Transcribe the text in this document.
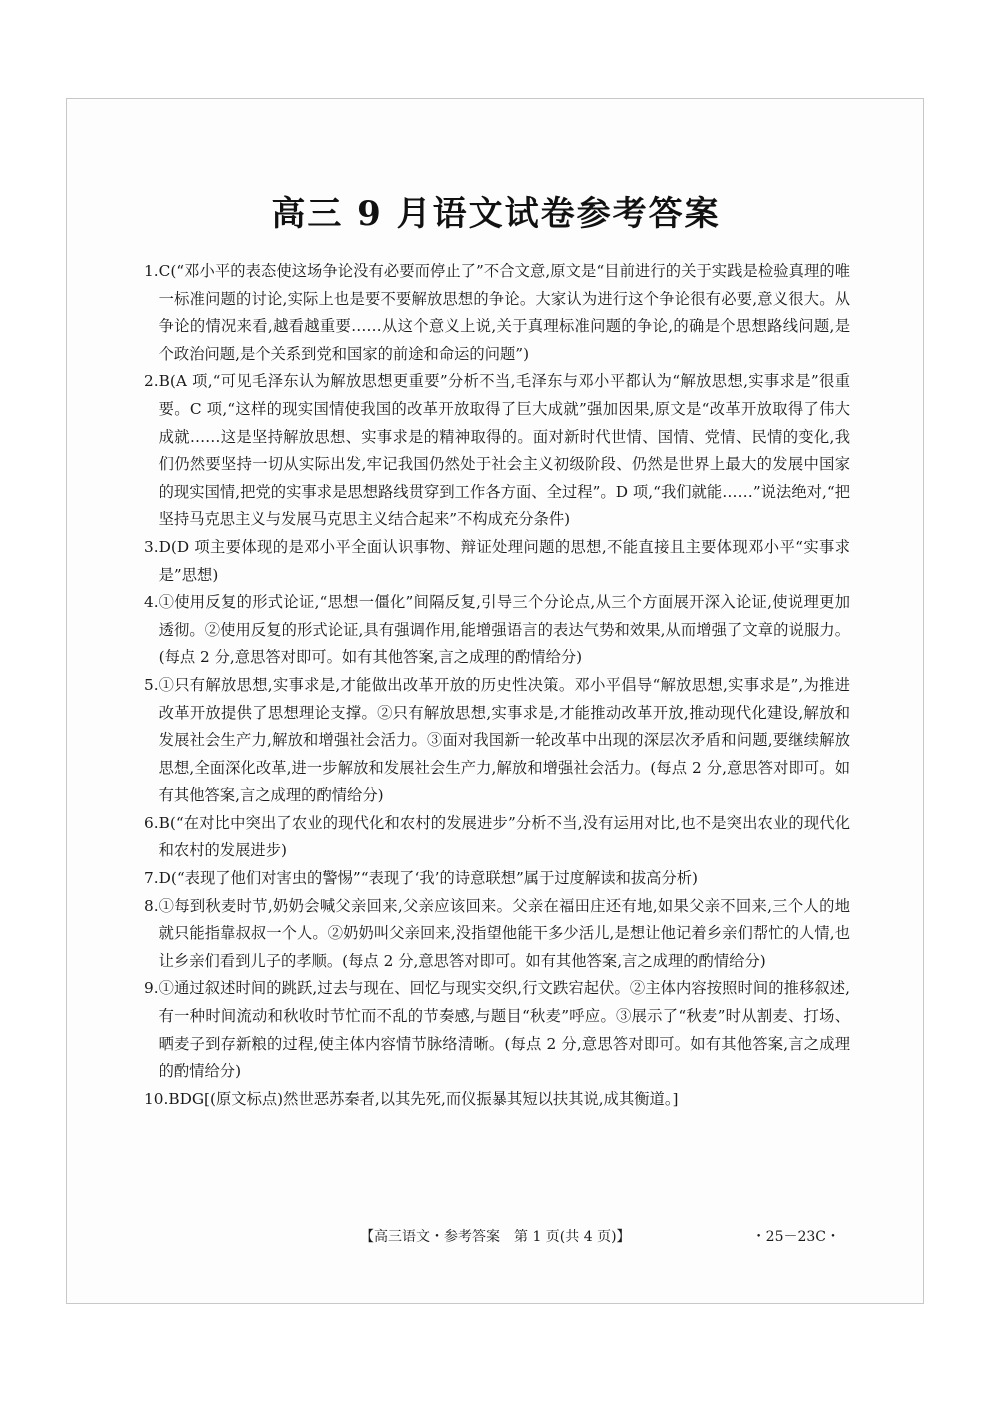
高三 9 月语文试卷参考答案
1. C(“邓小平的表态使这场争论没有必要而停止了”不合文意,原文是“目前进行的关于实践是检验真理的唯一标准问题的讨论,实际上也是要不要解放思想的争论。大家认为进行这个争论很有必要,意义很大。从争论的情况来看,越看越重要……从这个意义上说,关于真理标准问题的争论,的确是个思想路线问题,是个政治问题,是个关系到党和国家的前途和命运的问题”)
2. B(A 项,“可见毛泽东认为解放思想更重要”分析不当,毛泽东与邓小平都认为“解放思想,实事求是”很重要。C 项,“这样的现实国情使我国的改革开放取得了巨大成就”强加因果,原文是“改革开放取得了伟大成就……这是坚持解放思想、实事求是的精神取得的。面对新时代世情、国情、党情、民情的变化,我们仍然要坚持一切从实际出发,牢记我国仍然处于社会主义初级阶段、仍然是世界上最大的发展中国家的现实国情,把党的实事求是思想路线贯穿到工作各方面、全过程”。D 项,“我们就能……”说法绝对,“把坚持马克思主义与发展马克思主义结合起来”不构成充分条件)
3. D(D 项主要体现的是邓小平全面认识事物、辩证处理问题的思想,不能直接且主要体现邓小平“实事求是”思想)
4. ①使用反复的形式论证,“思想一僵化”间隔反复,引导三个分论点,从三个方面展开深入论证,使说理更加透彻。②使用反复的形式论证,具有强调作用,能增强语言的表达气势和效果,从而增强了文章的说服力。(每点 2 分,意思答对即可。如有其他答案,言之成理的酌情给分)
5. ①只有解放思想,实事求是,才能做出改革开放的历史性决策。邓小平倡导“解放思想,实事求是”,为推进改革开放提供了思想理论支撑。②只有解放思想,实事求是,才能推动改革开放,推动现代化建设,解放和发展社会生产力,解放和增强社会活力。③面对我国新一轮改革中出现的深层次矛盾和问题,要继续解放思想,全面深化改革,进一步解放和发展社会生产力,解放和增强社会活力。(每点 2 分,意思答对即可。如有其他答案,言之成理的酌情给分)
6. B(“在对比中突出了农业的现代化和农村的发展进步”分析不当,没有运用对比,也不是突出农业的现代化和农村的发展进步)
7. D(“表现了他们对害虫的警惕”“表现了‘我’的诗意联想”属于过度解读和拔高分析)
8. ①每到秋麦时节,奶奶会喊父亲回来,父亲应该回来。父亲在福田庄还有地,如果父亲不回来,三个人的地就只能指靠叔叔一个人。②奶奶叫父亲回来,没指望他能干多少活儿,是想让他记着乡亲们帮忙的人情,也让乡亲们看到儿子的孝顺。(每点 2 分,意思答对即可。如有其他答案,言之成理的酌情给分)
9. ①通过叙述时间的跳跃,过去与现在、回忆与现实交织,行文跌宕起伏。②主体内容按照时间的推移叙述,有一种时间流动和秋收时节忙而不乱的节奏感,与题目“秋麦”呼应。③展示了“秋麦”时从割麦、打场、晒麦子到存新粮的过程,使主体内容情节脉络清晰。(每点 2 分,意思答对即可。如有其他答案,言之成理的酌情给分)
10. BDG[(原文标点)然世恶苏秦者,以其先死,而仪振暴其短以扶其说,成其衡道。]
【高三语文・参考答案　第 1 页(共 4 页)】	・25－23C・
